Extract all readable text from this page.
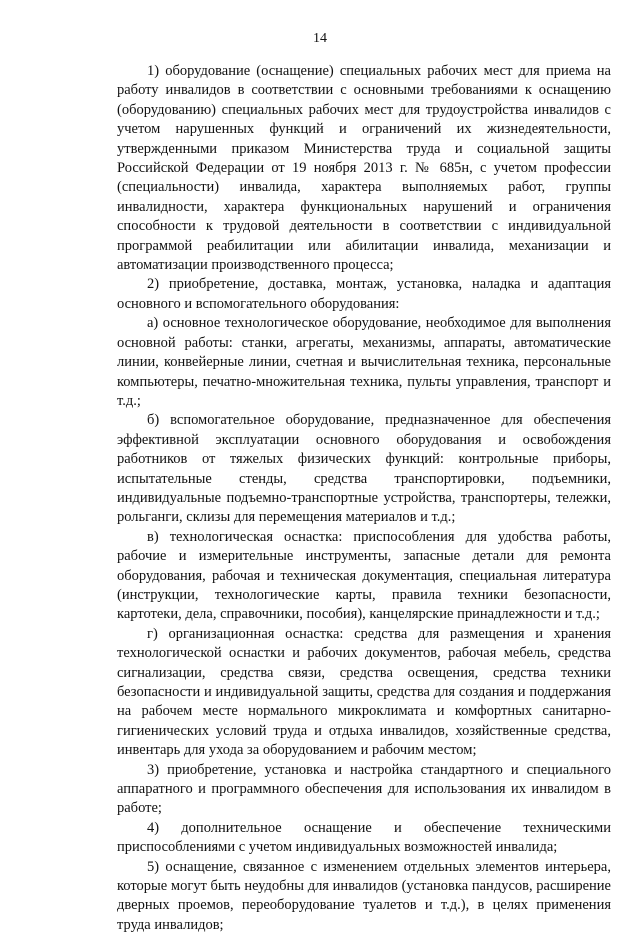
14

1) оборудование (оснащение) специальных рабочих мест для приема на работу инвалидов в соответствии с основными требованиями к оснащению (оборудованию) специальных рабочих мест для трудоустройства инвалидов с учетом нарушенных функций и ограничений их жизнедеятельности, утвержденными приказом Министерства труда и социальной защиты Российской Федерации от 19 ноября 2013 г. № 685н, с учетом профессии (специальности) инвалида, характера выполняемых работ, группы инвалидности, характера функциональных нарушений и ограничения способности к трудовой деятельности в соответствии с индивидуальной программой реабилитации или абилитации инвалида, механизации и автоматизации производственного процесса;

2) приобретение, доставка, монтаж, установка, наладка и адаптация основного и вспомогательного оборудования:

а) основное технологическое оборудование, необходимое для выполнения основной работы: станки, агрегаты, механизмы, аппараты, автоматические линии, конвейерные линии, счетная и вычислительная техника, персональные компьютеры, печатно-множительная техника, пульты управления, транспорт и т.д.;

б) вспомогательное оборудование, предназначенное для обеспечения эффективной эксплуатации основного оборудования и освобождения работников от тяжелых физических функций: контрольные приборы, испытательные стенды, средства транспортировки, подъемники, индивидуальные подъемно-транспортные устройства, транспортеры, тележки, рольганги, склизы для перемещения материалов и т.д.;

в) технологическая оснастка: приспособления для удобства работы, рабочие и измерительные инструменты, запасные детали для ремонта оборудования, рабочая и техническая документация, специальная литература (инструкции, технологические карты, правила техники безопасности, картотеки, дела, справочники, пособия), канцелярские принадлежности и т.д.;

г) организационная оснастка: средства для размещения и хранения технологической оснастки и рабочих документов, рабочая мебель, средства сигнализации, средства связи, средства освещения, средства техники безопасности и индивидуальной защиты, средства для создания и поддержания на рабочем месте нормального микроклимата и комфортных санитарно-гигиенических условий труда и отдыха инвалидов, хозяйственные средства, инвентарь для ухода за оборудованием и рабочим местом;

3) приобретение, установка и настройка стандартного и специального аппаратного и программного обеспечения для использования их инвалидом в работе;

4) дополнительное оснащение и обеспечение техническими приспособлениями с учетом индивидуальных возможностей инвалида;

5) оснащение, связанное с изменением отдельных элементов интерьера, которые могут быть неудобны для инвалидов (установка пандусов, расширение дверных проемов, переоборудование туалетов и т.д.), в целях применения труда инвалидов;
